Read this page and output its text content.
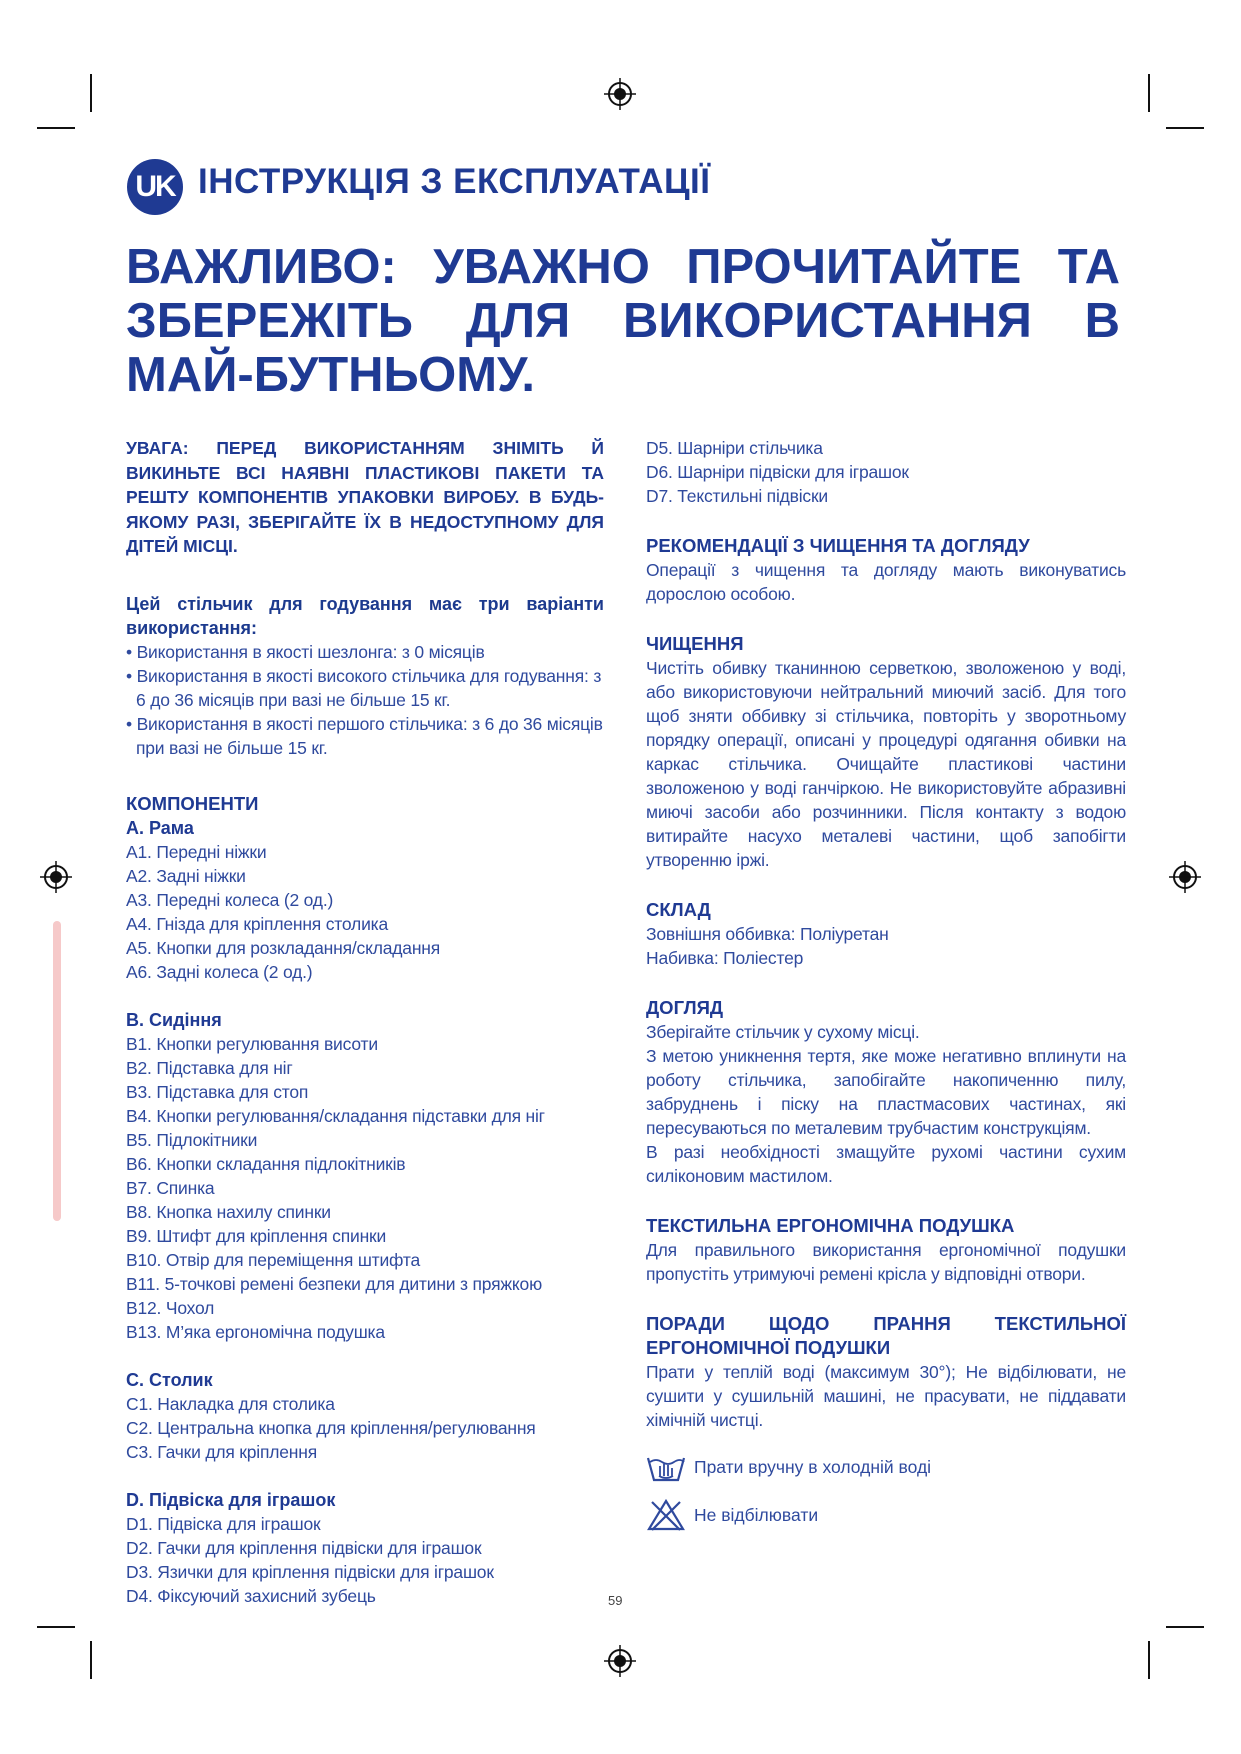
UK ІНСТРУКЦІЯ З ЕКСПЛУАТАЦІЇ
ВАЖЛИВО: УВАЖНО ПРОЧИТАЙТЕ ТА
ЗБЕРЕЖІТЬ ДЛЯ ВИКОРИСТАННЯ В МАЙ-БУТНЬОМУ.

УВАГА: ПЕРЕД ВИКОРИСТАННЯМ ЗНІМІТЬ Й ВИКИНЬТЕ ВСІ НАЯВНІ ПЛАСТИКОВІ ПАКЕТИ ТА РЕШТУ КОМПОНЕНТІВ УПАКОВКИ ВИРОБУ. В БУДЬ-ЯКОМУ РАЗІ, ЗБЕРІГАЙТЕ ЇХ В НЕДОСТУПНОМУ ДЛЯ ДІТЕЙ МІСЦІ.

Цей стільчик для годування має три варіанти використання:

• Використання в якості шезлонга: з 0 місяців
• Використання в якості високого стільчика для годування: з 6 до 36 місяців при вазі не більше 15 кг.
• Використання в якості першого стільчика: з 6 до 36 місяців при вазі не більше 15 кг.

КОМПОНЕНТИ

A. Рама

A1. Передні ніжки
A2. Задні ніжки
A3. Передні колеса (2 од.)
A4. Гнізда для кріплення столика
A5. Кнопки для розкладання/складання
A6. Задні колеса (2 од.)

B. Сидіння

B1. Кнопки регулювання висоти
B2. Підставка для ніг
B3. Підставка для стоп
B4. Кнопки регулювання/складання підставки для ніг
B5. Підлокітники
B6. Кнопки складання підлокітників
B7. Спинка
B8. Кнопка нахилу спинки
B9. Штифт для кріплення спинки
B10. Отвір для переміщення штифта
B11. 5-точкові ремені безпеки для дитини з пряжкою
B12. Чохол
B13. М’яка ергономічна подушка

C. Столик

C1. Накладка для столика
C2. Центральна кнопка для кріплення/регулювання
C3. Гачки для кріплення

D. Підвіска для іграшок

D1. Підвіска для іграшок
D2. Гачки для кріплення підвіски для іграшок
D3. Язички для кріплення підвіски для іграшок
D4. Фіксуючий захисний зубець
D5. Шарніри стільчика
D6. Шарніри підвіски для іграшок
D7. Текстильні підвіски

РЕКОМЕНДАЦІЇ З ЧИЩЕННЯ ТА ДОГЛЯДУ

Операції з чищення та догляду мають виконуватись дорослою особою.

ЧИЩЕННЯ

Чистіть обивку тканинною серветкою, зволоженою у воді, або використовуючи нейтральний миючий засіб. Для того щоб зняти оббивку зі стільчика, повторіть у зворотньому порядку операції, описані у процедурі одягання обивки на каркас стільчика. Очищайте пластикові частини зволоженою у воді ганчіркою. Не використовуйте абразивні миючі засоби або розчинники. Після контакту з водою витирайте насухо металеві частини, щоб запобігти утворенню іржі.

СКЛАД

Зовнішня оббивка: Поліуретан

Набивка: Поліестер

ДОГЛЯД

Зберігайте стільчик у сухому місці.

З метою уникнення тертя, яке може негативно вплинути на роботу стільчика, запобігайте накопиченню пилу, забруднень і піску на пластмасових частинах, які пересуваються по металевим трубчастим конструкціям.

В разі необхідності змащуйте рухомі частини сухим силіконовим мастилом.

ТЕКСТИЛЬНА ЕРГОНОМІЧНА ПОДУШКА

Для правильного використання ергономічної подушки пропустіть утримуючі ремені крісла у відповідні отвори.

ПОРАДИ ЩОДО ПРАННЯ ТЕКСТИЛЬНОЇ ЕРГОНОМІЧНОЇ ПОДУШКИ

Прати у теплій воді (максимум 30°); Не відбілювати, не сушити у сушильній машині, не прасувати, не піддавати хімічній чистці.

Прати вручну в холодній воді
Не відбілювати
59
